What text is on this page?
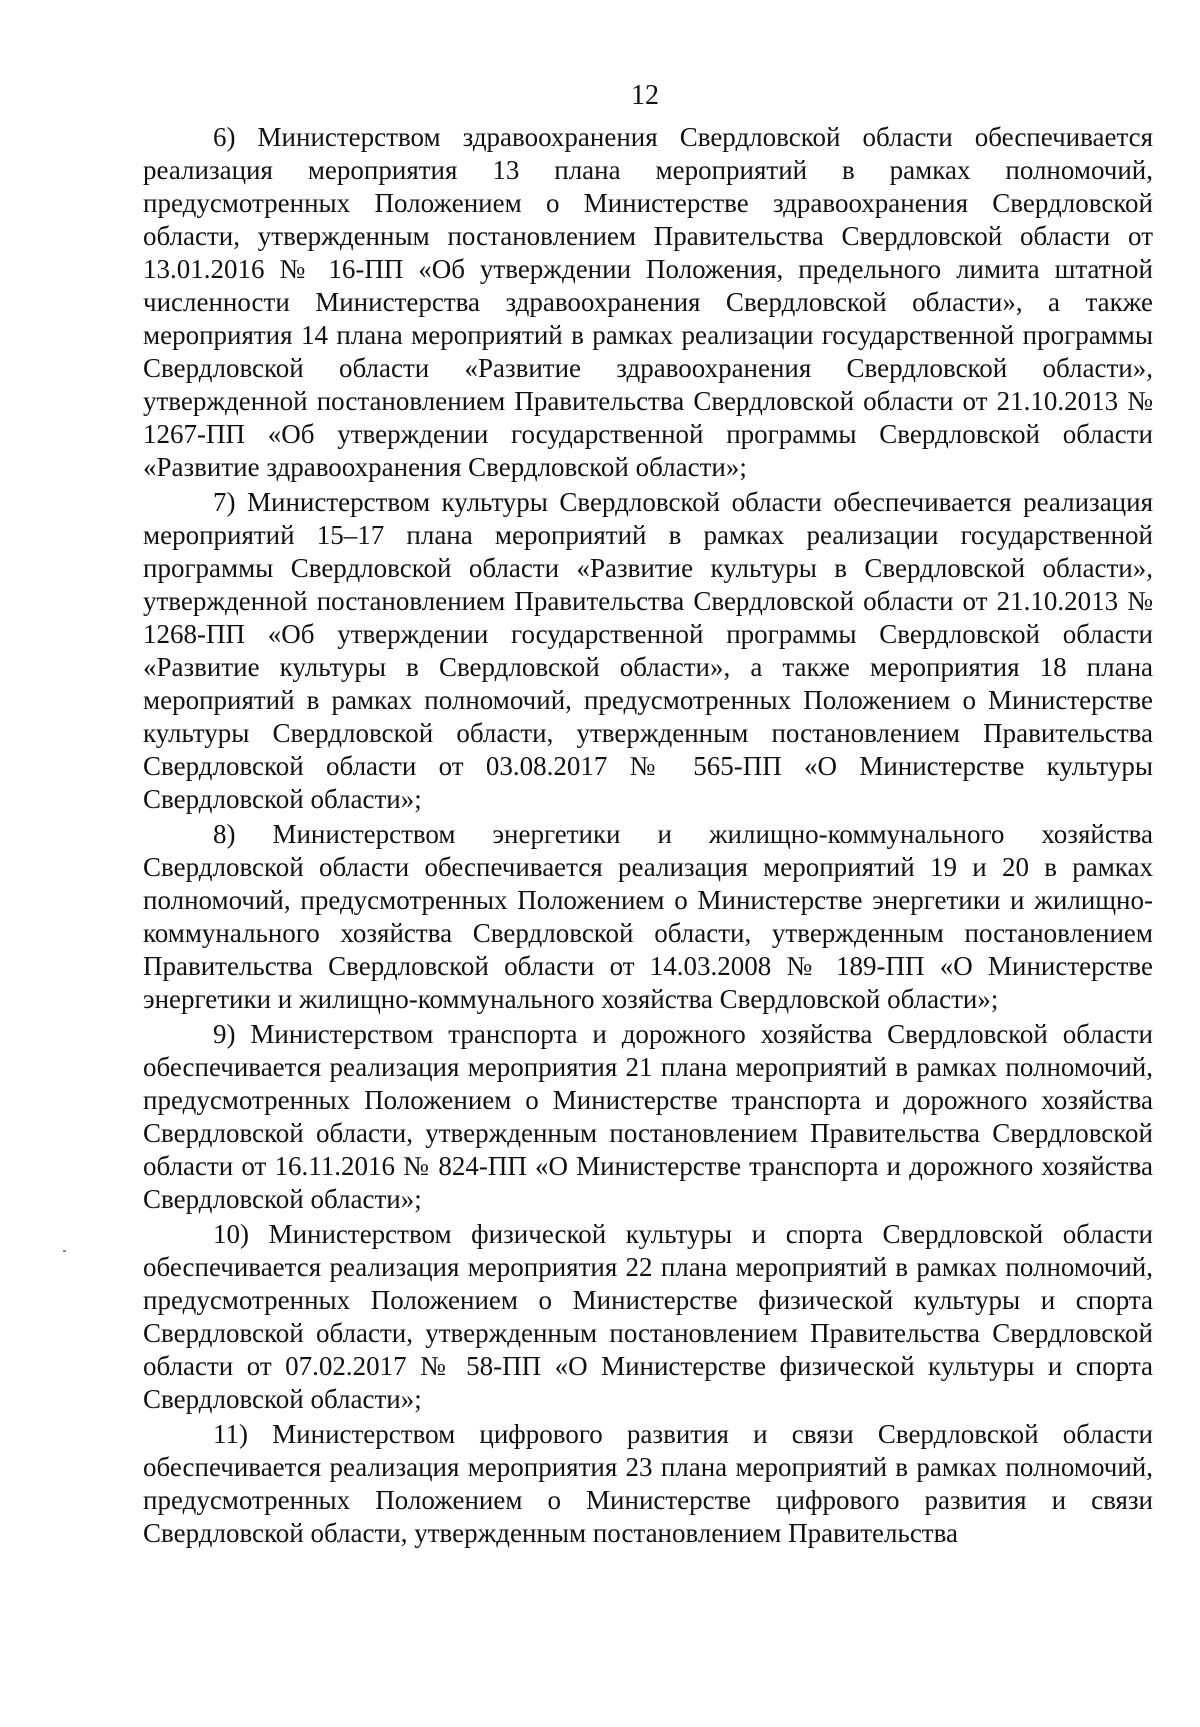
12

6) Министерством здравоохранения Свердловской области обеспечивается реализация мероприятия 13 плана мероприятий в рамках полномочий, предусмотренных Положением о Министерстве здравоохранения Свердловской области, утвержденным постановлением Правительства Свердловской области от 13.01.2016 № 16-ПП «Об утверждении Положения, предельного лимита штатной численности Министерства здравоохранения Свердловской области», а также мероприятия 14 плана мероприятий в рамках реализации государственной программы Свердловской области «Развитие здравоохранения Свердловской области», утвержденной постановлением Правительства Свердловской области от 21.10.2013 № 1267-ПП «Об утверждении государственной программы Свердловской области «Развитие здравоохранения Свердловской области»;

7) Министерством культуры Свердловской области обеспечивается реализация мероприятий 15–17 плана мероприятий в рамках реализации государственной программы Свердловской области «Развитие культуры в Свердловской области», утвержденной постановлением Правительства Свердловской области от 21.10.2013 № 1268-ПП «Об утверждении государственной программы Свердловской области «Развитие культуры в Свердловской области», а также мероприятия 18 плана мероприятий в рамках полномочий, предусмотренных Положением о Министерстве культуры Свердловской области, утвержденным постановлением Правительства Свердловской области от 03.08.2017 № 565-ПП «О Министерстве культуры Свердловской области»;

8) Министерством энергетики и жилищно-коммунального хозяйства Свердловской области обеспечивается реализация мероприятий 19 и 20 в рамках полномочий, предусмотренных Положением о Министерстве энергетики и жилищно-коммунального хозяйства Свердловской области, утвержденным постановлением Правительства Свердловской области от 14.03.2008 № 189-ПП «О Министерстве энергетики и жилищно-коммунального хозяйства Свердловской области»;

9) Министерством транспорта и дорожного хозяйства Свердловской области обеспечивается реализация мероприятия 21 плана мероприятий в рамках полномочий, предусмотренных Положением о Министерстве транспорта и дорожного хозяйства Свердловской области, утвержденным постановлением Правительства Свердловской области от 16.11.2016 № 824-ПП «О Министерстве транспорта и дорожного хозяйства Свердловской области»;

10) Министерством физической культуры и спорта Свердловской области обеспечивается реализация мероприятия 22 плана мероприятий в рамках полномочий, предусмотренных Положением о Министерстве физической культуры и спорта Свердловской области, утвержденным постановлением Правительства Свердловской области от 07.02.2017 № 58-ПП «О Министерстве физической культуры и спорта Свердловской области»;

11) Министерством цифрового развития и связи Свердловской области обеспечивается реализация мероприятия 23 плана мероприятий в рамках полномочий, предусмотренных Положением о Министерстве цифрового развития и связи Свердловской области, утвержденным постановлением Правительства
